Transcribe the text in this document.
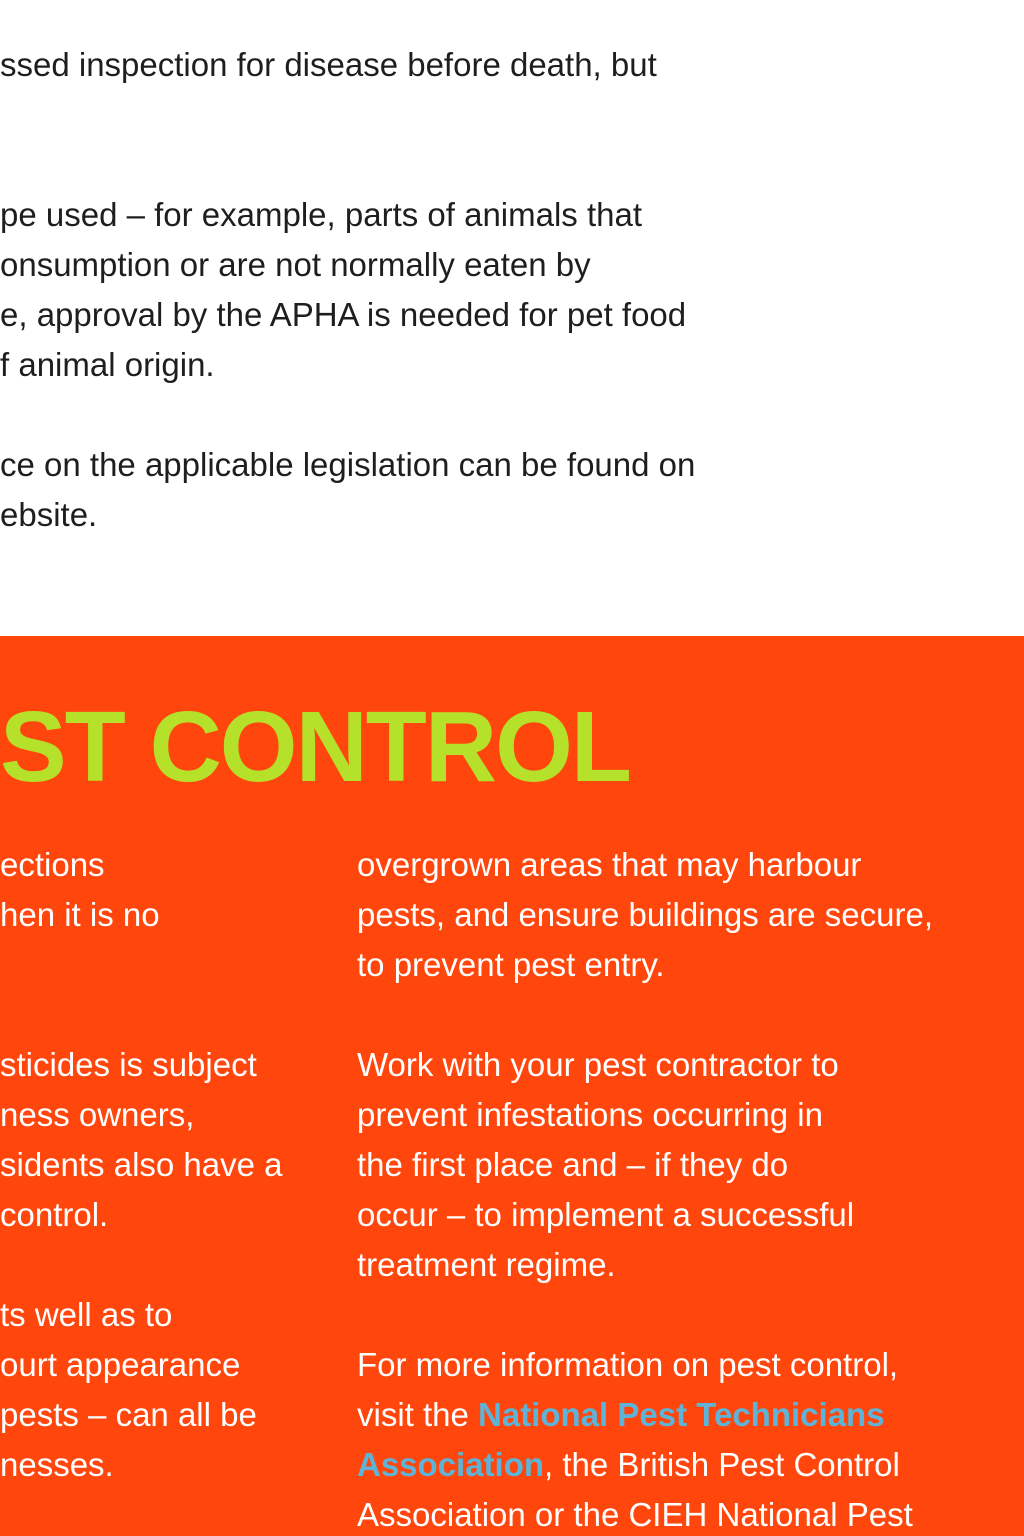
ssed inspection for disease before death, but
pe used – for example, parts of animals that
onsumption or are not normally eaten by
e, approval by the APHA is needed for pet food
f animal origin.
ce on the applicable legislation can be found on
ebsite.
ST CONTROL
ections
hen it is no
sticides is subject
ness owners,
sidents also have a
control.
ts well as to
ourt appearance
pests – can all be
nesses.
overgrown areas that may harbour
pests, and ensure buildings are secure,
to prevent pest entry.
Work with your pest contractor to
prevent infestations occurring in
the first place and – if they do
occur – to implement a successful
treatment regime.
For more information on pest control,
visit the National Pest Technicians
Association, the British Pest Control
Association or the CIEH National Pest
